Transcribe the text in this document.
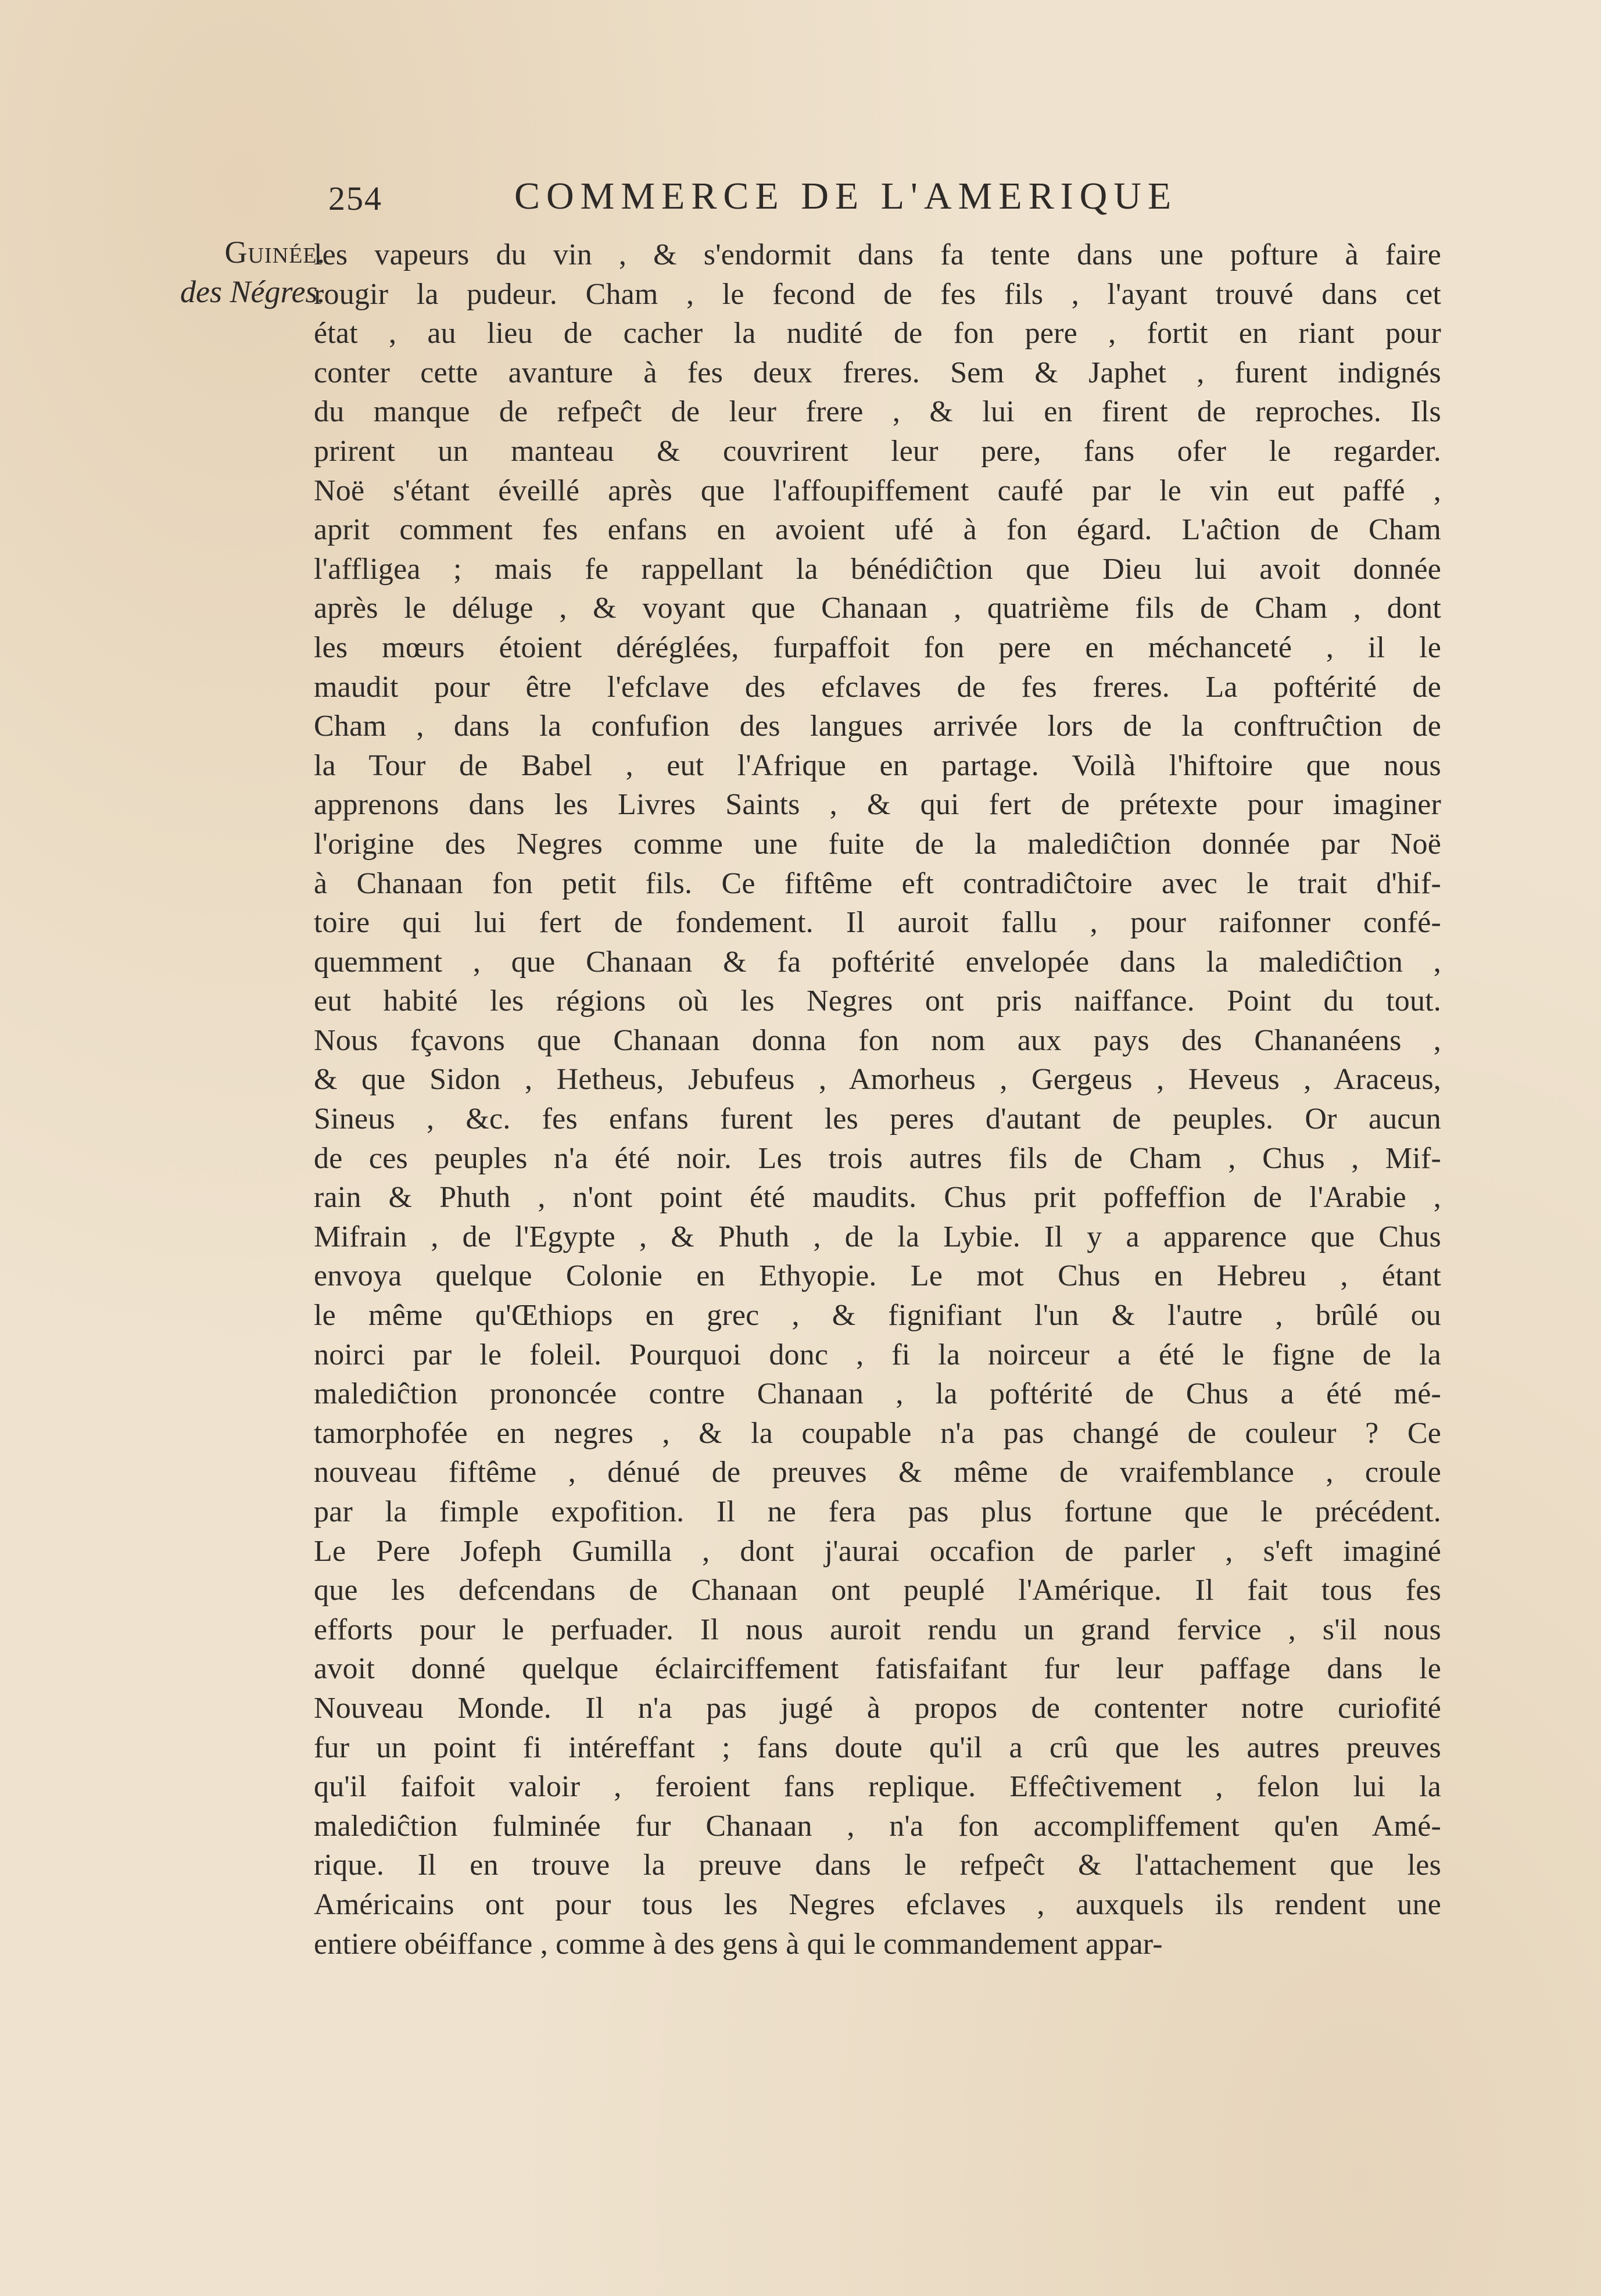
254	COMMERCE DE L'AMERIQUE
Guinée.
des Négres.
les vapeurs du vin , & s'endormit dans fa tente dans une pofture à faire
rougir la pudeur. Cham , le fecond de fes fils , l'ayant trouvé dans cet
état , au lieu de cacher la nudité de fon pere , fortit en riant pour
conter cette avanture à fes deux freres. Sem & Japhet , furent indignés
du manque de refpeĉt de leur frere , & lui en firent de reproches. Ils
prirent un manteau & couvrirent leur pere, fans ofer le regarder.
Noë s'étant éveillé après que l'affoupiffement caufé par le vin eut paffé ,
aprit comment fes enfans en avoient ufé à fon égard. L'aĉtion de Cham
l'affligea ; mais fe rappellant la bénédiĉtion que Dieu lui avoit donnée
après le déluge , & voyant que Chanaan , quatrième fils de Cham , dont
les mœurs étoient déréglées, furpaffoit fon pere en méchanceté , il le
maudit pour être l'efclave des efclaves de fes freres. La poftérité de
Cham , dans la confufion des langues arrivée lors de la conftruĉtion de
la Tour de Babel , eut l'Afrique en partage. Voilà l'hiftoire que nous
apprenons dans les Livres Saints , & qui fert de prétexte pour imaginer
l'origine des Negres comme une fuite de la malediĉtion donnée par Noë
à Chanaan fon petit fils. Ce fiftême eft contradiĉtoire avec le trait d'hif-
toire qui lui fert de fondement. Il auroit fallu , pour raifonner confé-
quemment , que Chanaan & fa poftérité envelopée dans la malediĉtion ,
eut habité les régions où les Negres ont pris naiffance. Point du tout.
Nous fçavons que Chanaan donna fon nom aux pays des Chananéens ,
& que Sidon , Hetheus, Jebufeus , Amorheus , Gergeus , Heveus , Araceus,
Sineus , &c. fes enfans furent les peres d'autant de peuples. Or aucun
de ces peuples n'a été noir. Les trois autres fils de Cham , Chus , Mif-
rain & Phuth , n'ont point été maudits. Chus prit poffeffion de l'Arabie ,
Mifrain , de l'Egypte , & Phuth , de la Lybie. Il y a apparence que Chus
envoya quelque Colonie en Ethyopie. Le mot Chus en Hebreu , étant
le même qu'Œthiops en grec , & fignifiant l'un & l'autre , brûlé ou
noirci par le foleil. Pourquoi donc , fi la noirceur a été le figne de la
malediĉtion prononcée contre Chanaan , la poftérité de Chus a été mé-
tamorphofée en negres , & la coupable n'a pas changé de couleur ? Ce
nouveau fiftême , dénué de preuves & même de vraifemblance , croule
par la fimple expofition. Il ne fera pas plus fortune que le précédent.
Le Pere Jofeph Gumilla , dont j'aurai occafion de parler , s'eft imaginé
que les defcendans de Chanaan ont peuplé l'Amérique. Il fait tous fes
efforts pour le perfuader. Il nous auroit rendu un grand fervice , s'il nous
avoit donné quelque éclairciffement fatisfaifant fur leur paffage dans le
Nouveau Monde. Il n'a pas jugé à propos de contenter notre curiofité
fur un point fi intéreffant ; fans doute qu'il a crû que les autres preuves
qu'il faifoit valoir , feroient fans replique. Effeĉtivement , felon lui la
malediĉtion fulminée fur Chanaan , n'a fon accompliffement qu'en Amé-
rique. Il en trouve la preuve dans le refpeĉt & l'attachement que les
Américains ont pour tous les Negres efclaves , auxquels ils rendent une
entiere obéiffance , comme à des gens à qui le commandement appar-
